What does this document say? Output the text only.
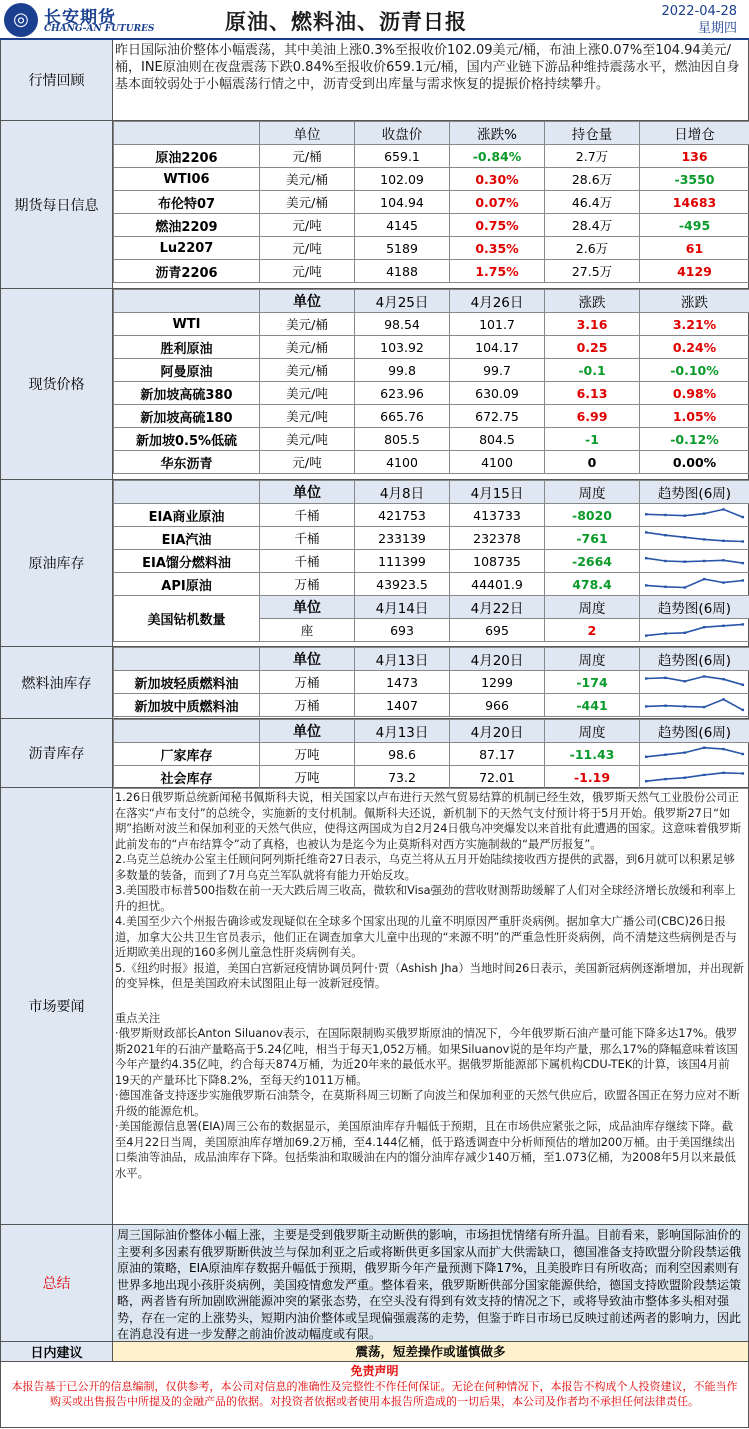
◎ 长安期货
CHANG-AN FUTURES	原油、燃料油、沥青日报	2022-04-28
星期四
行情回顾
昨日国际油价整体小幅震荡，其中美油上涨0.3%至报收价102.09美元/桶，布油上涨0.07%至104.94美元/桶，INE原油则在夜盘震荡下跌0.84%至报收价659.1元/桶，国内产业链下游品种维持震荡水平，燃油因自身基本面较弱处于小幅震荡行情之中，沥青受到出库量与需求恢复的提振价格持续攀升。
期货每日信息
	单位	收盘价	涨跌%	持仓量	日增仓
原油2206	元/桶	659.1	-0.84%	2.7万	136
WTI06	美元/桶	102.09	0.30%	28.6万	-3550
布伦特07	美元/桶	104.94	0.07%	46.4万	14683
燃油2209	元/吨	4145	0.75%	28.4万	-495
Lu2207	元/吨	5189	0.35%	2.6万	61
沥青2206	元/吨	4188	1.75%	27.5万	4129
现货价格
	单位	4月25日	4月26日	涨跌	涨跌
WTI	美元/桶	98.54	101.7	3.16	3.21%
胜利原油	美元/桶	103.92	104.17	0.25	0.24%
阿曼原油	美元/桶	99.8	99.7	-0.1	-0.10%
新加坡高硫380	美元/吨	623.96	630.09	6.13	0.98%
新加坡高硫180	美元/吨	665.76	672.75	6.99	1.05%
新加坡0.5%低硫	美元/吨	805.5	804.5	-1	-0.12%
华东沥青	元/吨	4100	4100	0	0.00%
原油库存
	单位	4月8日	4月15日	周度	趋势图(6周)
EIA商业原油	千桶	421753	413733	-8020	

EIA汽油	千桶	233139	232378	-761	

EIA馏分燃料油	千桶	111399	108735	-2664	

API原油	万桶	43923.5	44401.9	478.4	

美国钻机数量	单位	4月14日	4月22日	周度	趋势图(6周)
	座	693	695	2	
燃料油库存
	单位	4月13日	4月20日	周度	趋势图(6周)
新加坡轻质燃料油	万桶	1473	1299	-174	

新加坡中质燃料油	万桶	1407	966	-441	
沥青库存
	单位	4月13日	4月20日	周度	趋势图(6周)
厂家库存	万吨	98.6	87.17	-11.43	

社会库存	万吨	73.2	72.01	-1.19	
市场要闻

1.26日俄罗斯总统新闻秘书佩斯科夫说，相关国家以卢布进行天然气贸易结算的机制已经生效，俄罗斯天然气工业股份公司正在落实“卢布支付”的总统令，实施新的支付机制。佩斯科夫还说，新机制下的天然气支付预计将于5月开始。俄罗斯27日“如期”掐断对波兰和保加利亚的天然气供应，使得这两国成为自2月24日俄乌冲突爆发以来首批有此遭遇的国家。这意味着俄罗斯此前发布的“卢布结算令”动了真格，也被认为是迄今为止莫斯科对西方实施制裁的“最严厉报复”。

2.乌克兰总统办公室主任顾问阿列斯托维奇27日表示，乌克兰将从五月开始陆续接收西方提供的武器，到6月就可以积累足够多数量的装备，而到了7月乌克兰军队就将有能力开始反攻。

3.美国股市标普500指数在前一天大跌后周三收高，微软和Visa强劲的营收财测帮助缓解了人们对全球经济增长放缓和利率上升的担忧。

4.美国至少六个州报告确诊或发现疑似在全球多个国家出现的儿童不明原因严重肝炎病例。据加拿大广播公司(CBC)26日报道，加拿大公共卫生官员表示，他们正在调查加拿大儿童中出现的“来源不明”的严重急性肝炎病例，尚不清楚这些病例是否与近期欧美出现的160多例儿童急性肝炎病例有关。

5.《纽约时报》报道，美国白宫新冠疫情协调员阿什·贾（Ashish Jha）当地时间26日表示，美国新冠病例逐渐增加，并出现新的变异株，但是美国政府未试图阻止每一波新冠疫情。

重点关注

·俄罗斯财政部长Anton Siluanov表示，在国际限制购买俄罗斯原油的情况下，今年俄罗斯石油产量可能下降多达17%。俄罗斯2021年的石油产量略高于5.24亿吨，相当于每天1,052万桶。如果Siluanov说的是年均产量，那么17%的降幅意味着该国今年产量约4.35亿吨，约合每天874万桶，为近20年来的最低水平。据俄罗斯能源部下属机构CDU-TEK的计算，该国4月前19天的产量环比下降8.2%，至每天约1011万桶。

·德国准备支持逐步实施俄罗斯石油禁令，在莫斯科周三切断了向波兰和保加利亚的天然气供应后，欧盟各国正在努力应对不断升级的能源危机。

·美国能源信息署(EIA)周三公布的数据显示，美国原油库存升幅低于预期，且在市场供应紧张之际，成品油库存继续下降。截至4月22日当周，美国原油库存增加69.2万桶，至4.144亿桶，低于路透调查中分析师预估的增加200万桶。由于美国继续出口柴油等油品，成品油库存下降。包括柴油和取暖油在内的馏分油库存减少140万桶，至1.073亿桶，为2008年5月以来最低水平。

总结
周三国际油价整体小幅上涨，主要是受到俄罗斯主动断供的影响，市场担忧情绪有所升温。目前看来，影响国际油价的主要利多因素有俄罗斯断供波兰与保加利亚之后或将断供更多国家从而扩大供需缺口，德国准备支持欧盟分阶段禁运俄原油的策略，EIA原油库存数据升幅低于预期，俄罗斯今年产量预测下降17%，且美股昨日有所收高；而利空因素则有世界多地出现小孩肝炎病例，美国疫情愈发严重。整体看来，俄罗斯断供部分国家能源供给，德国支持欧盟阶段禁运策略，两者皆有所加剧欧洲能源冲突的紧张态势，在空头没有得到有效支持的情况之下，或将导致油市整体多头相对强势，存在一定的上涨势头，短期内油价整体或呈现偏强震荡的走势，但鉴于昨日市场已反映过前述两者的影响力，因此在消息没有进一步发酵之前油价波动幅度或有限。
日内建议	震荡，短差操作或谨慎做多
免责声明
本报告基于已公开的信息编制，仅供参考，本公司对信息的准确性及完整性不作任何保证。无论在何种情况下，本报告不构成个人投资建议，不能当作购买或出售报告中所提及的金融产品的依据。对投资者依据或者使用本报告所造成的一切后果，本公司及作者均不承担任何法律责任。
